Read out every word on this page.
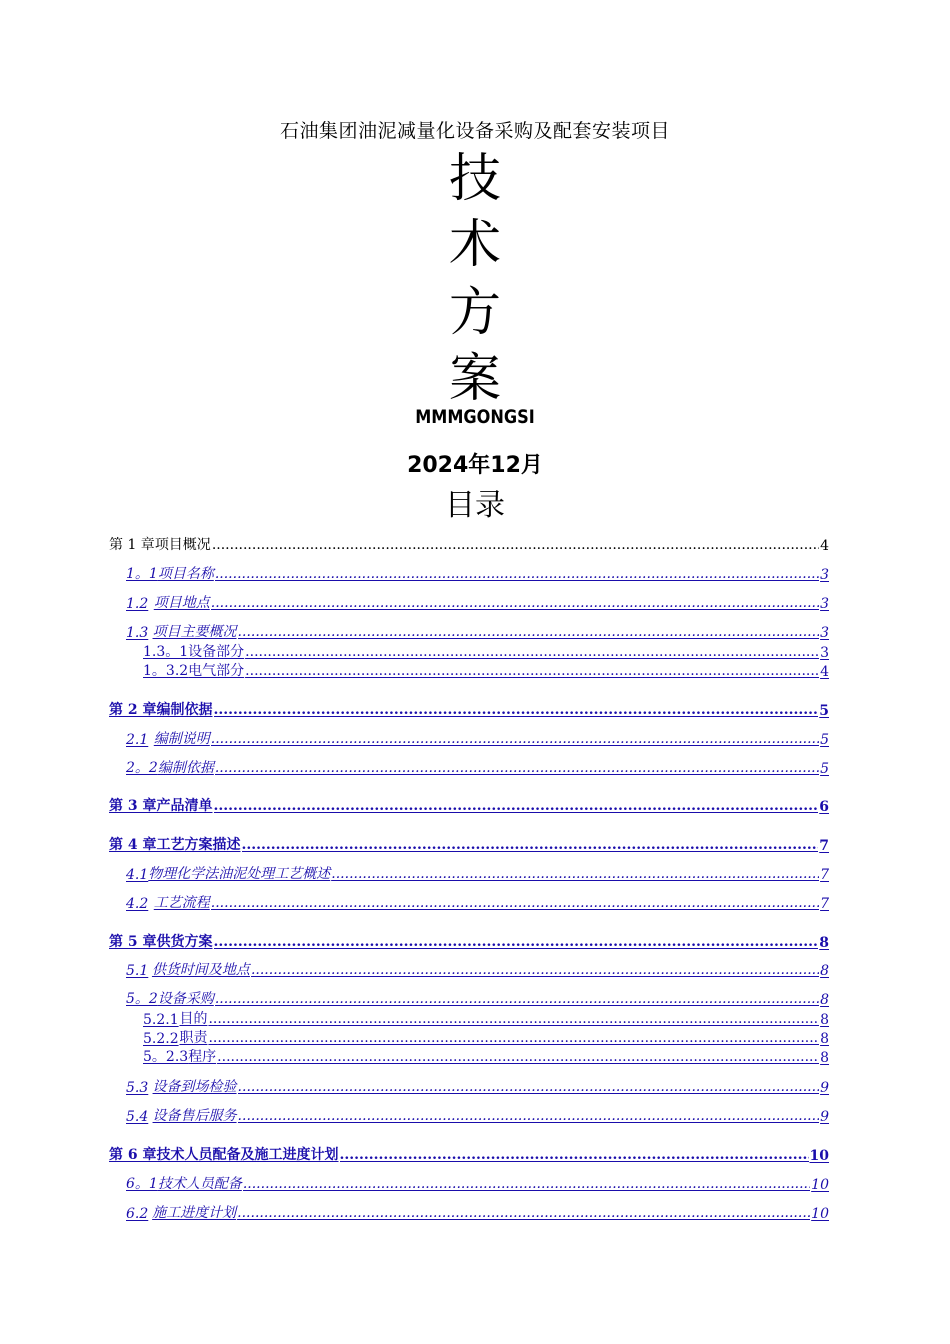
石油集团油泥减量化设备采购及配套安装项目
技
术
方
案
MMMGONGSI
2024年12月
目录
第 1 章 项目概况 .....	4
1。1 项目名称 .....	3
1.2 项目地点 .....	3
1.3 项目主要概况 .....	3
1.3。1 设备部分 .....	3
1。3.2 电气部分 .....	4
第 2 章 编制依据 .....	5
2.1 编制说明 .....	5
2。2 编制依据 .....	5
第 3 章 产品清单 .....	6
第 4 章 工艺方案描述 .....	7
4.1 物理化学法油泥处理工艺概述 .....	7
4.2 工艺流程 .....	7
第 5 章 供货方案 .....	8
5.1 供货时间及地点 .....	8
5。2 设备采购 .....	8
5.2.1 目的 .....	8
5.2.2 职责 .....	8
5。2.3 程序 .....	8
5.3 设备到场检验 .....	9
5.4 设备售后服务 .....	9
第 6 章 技术人员配备及施工进度计划 .....	10
6。1 技术人员配备 .....	10
6.2 施工进度计划 .....	10
